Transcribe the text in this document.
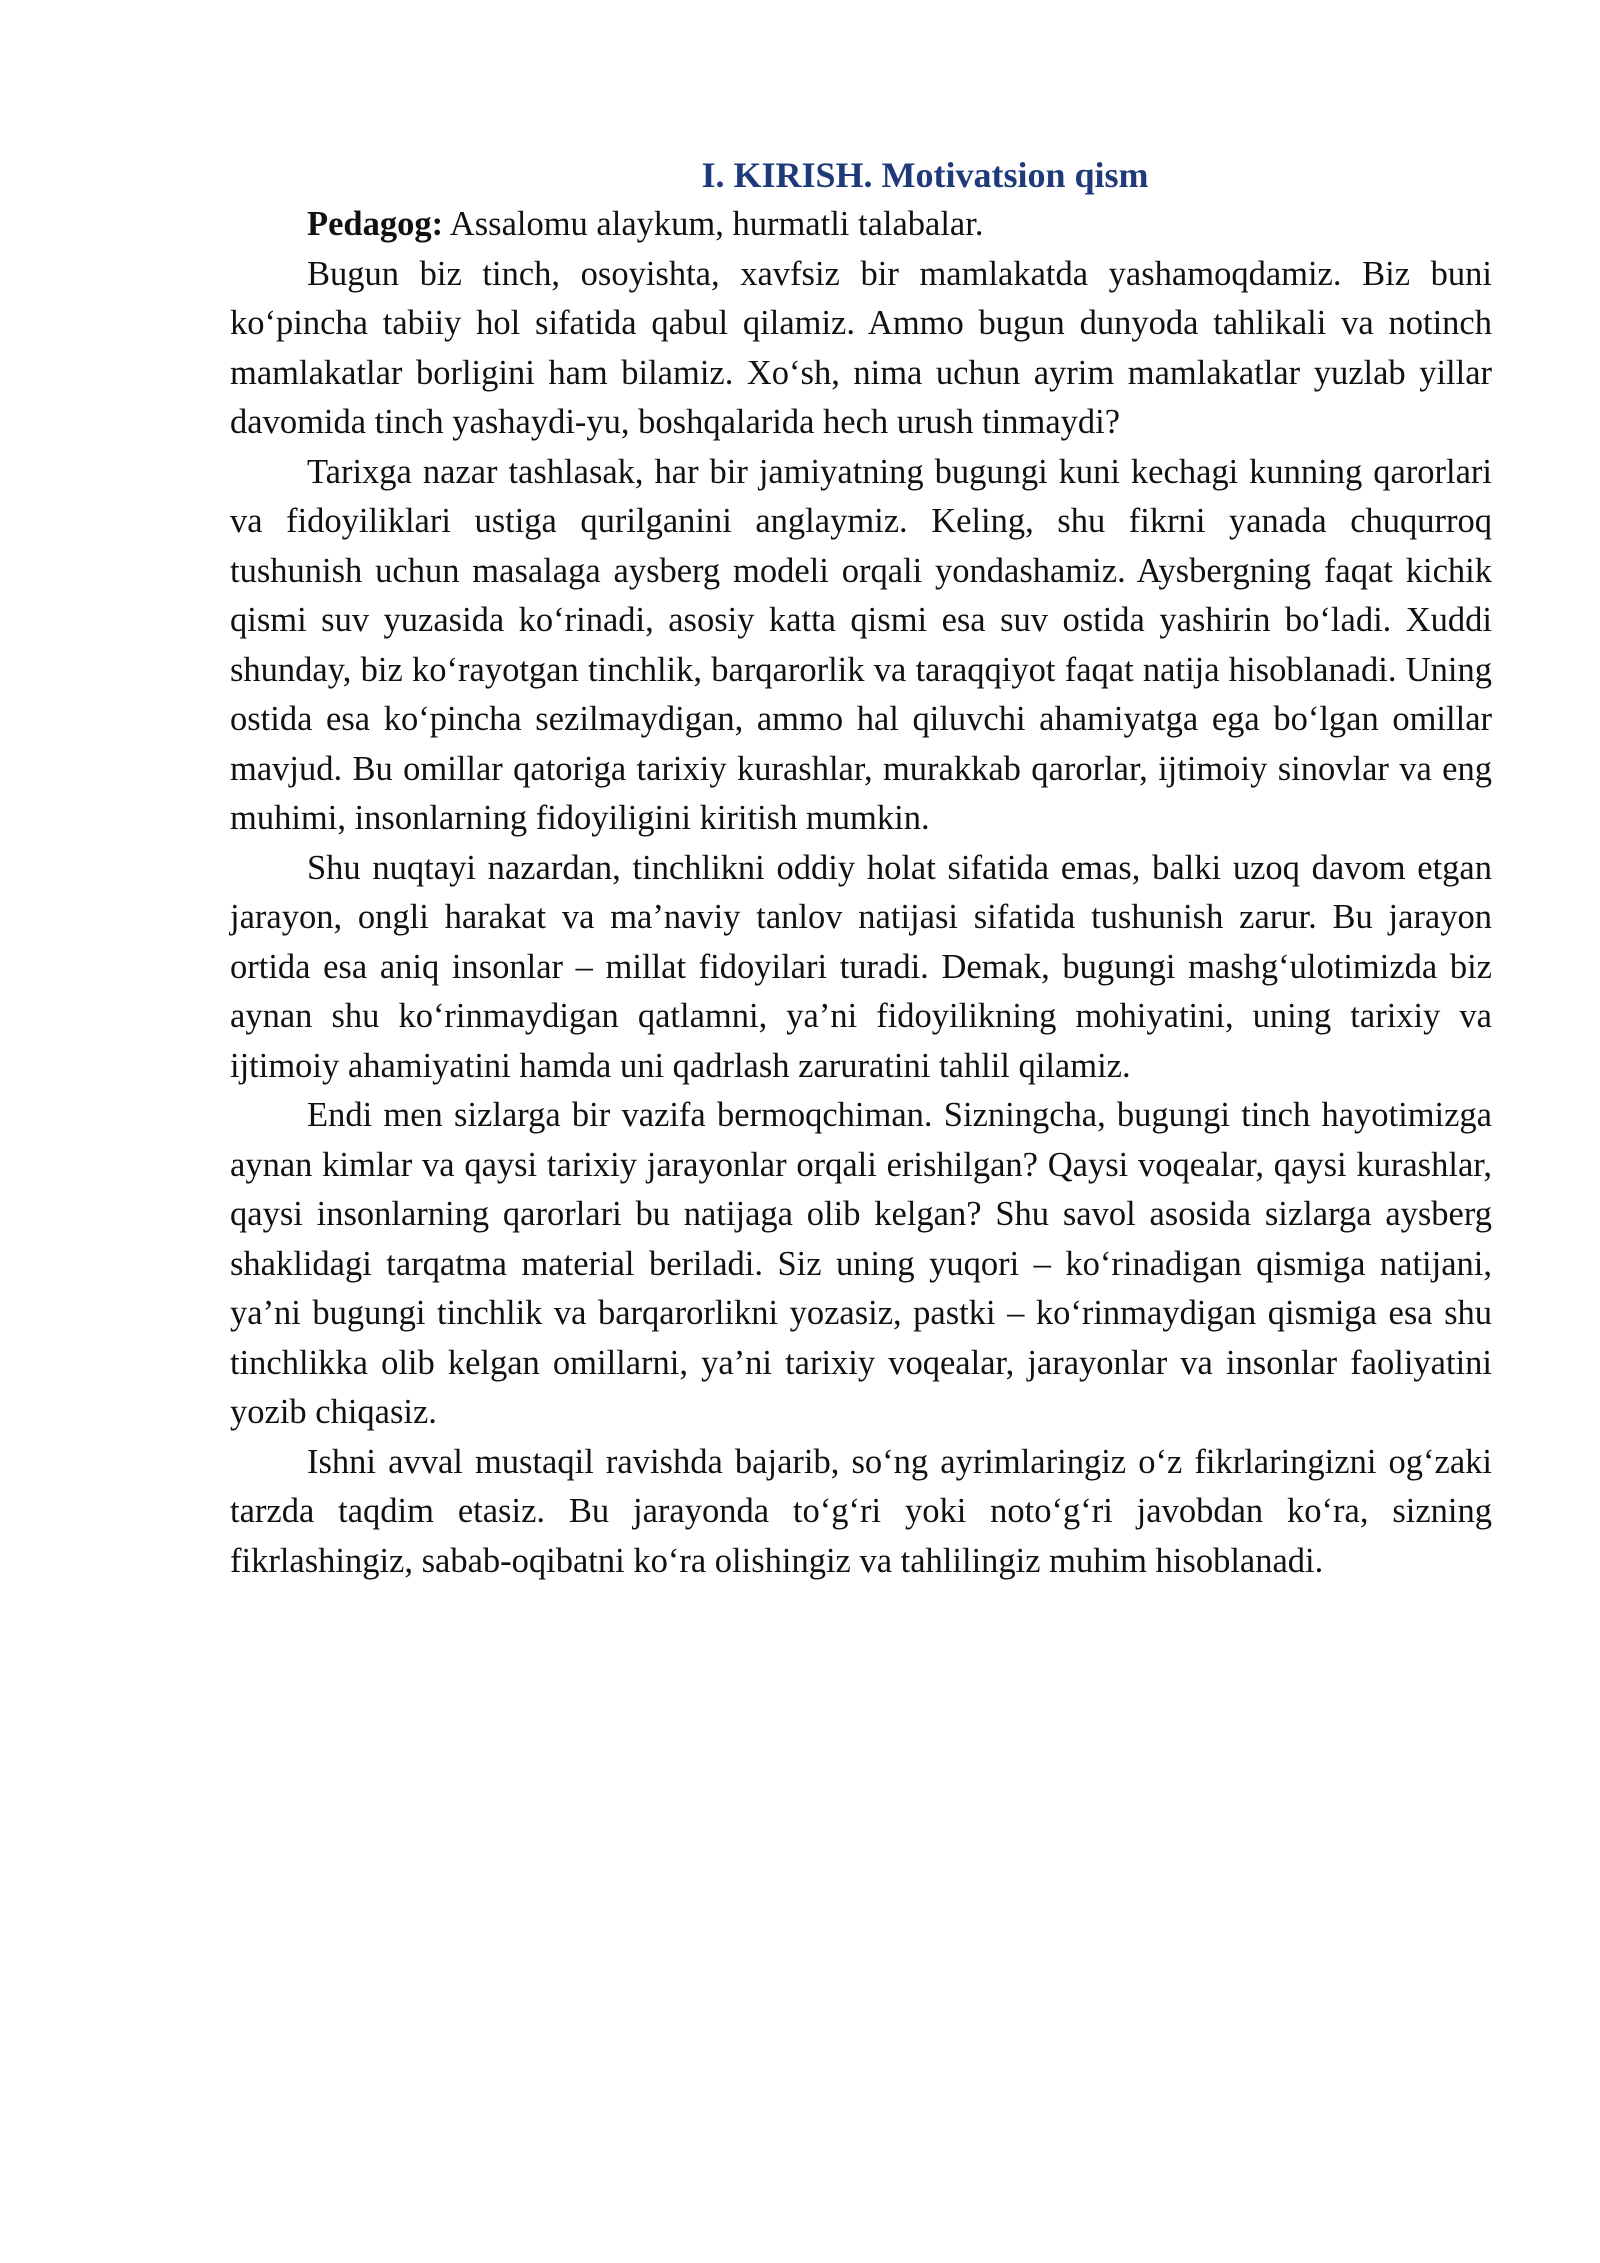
I. KIRISH. Motivatsion qism

Pedagog: Assalomu alaykum, hurmatli talabalar.

Bugun biz tinch, osoyishta, xavfsiz bir mamlakatda yashamoqdamiz. Biz buni ko‘pincha tabiiy hol sifatida qabul qilamiz. Ammo bugun dunyoda tahlikali va notinch mamlakatlar borligini ham bilamiz. Xo‘sh, nima uchun ayrim mamlakatlar yuzlab yillar davomida tinch yashaydi-yu, boshqalarida hech urush tinmaydi?

Tarixga nazar tashlasak, har bir jamiyatning bugungi kuni kechagi kunning qarorlari va fidoyiliklari ustiga qurilganini anglaymiz. Keling, shu fikrni yanada chuqurroq tushunish uchun masalaga aysberg modeli orqali yondashamiz. Aysbergning faqat kichik qismi suv yuzasida ko‘rinadi, asosiy katta qismi esa suv ostida yashirin bo‘ladi. Xuddi shunday, biz ko‘rayotgan tinchlik, barqarorlik va taraqqiyot faqat natija hisoblanadi. Uning ostida esa ko‘pincha sezilmaydigan, ammo hal qiluvchi ahamiyatga ega bo‘lgan omillar mavjud. Bu omillar qatoriga tarixiy kurashlar, murakkab qarorlar, ijtimoiy sinovlar va eng muhimi, insonlarning fidoyiligini kiritish mumkin.

Shu nuqtayi nazardan, tinchlikni oddiy holat sifatida emas, balki uzoq davom etgan jarayon, ongli harakat va ma’naviy tanlov natijasi sifatida tushunish zarur. Bu jarayon ortida esa aniq insonlar – millat fidoyilari turadi. Demak, bugungi mashg‘ulotimizda biz aynan shu ko‘rinmaydigan qatlamni, ya’ni fidoyilikning mohiyatini, uning tarixiy va ijtimoiy ahamiyatini hamda uni qadrlash zaruratini tahlil qilamiz.

Endi men sizlarga bir vazifa bermoqchiman. Sizningcha, bugungi tinch hayotimizga aynan kimlar va qaysi tarixiy jarayonlar orqali erishilgan? Qaysi voqealar, qaysi kurashlar, qaysi insonlarning qarorlari bu natijaga olib kelgan? Shu savol asosida sizlarga aysberg shaklidagi tarqatma material beriladi. Siz uning yuqori – ko‘rinadigan qismiga natijani, ya’ni bugungi tinchlik va barqarorlikni yozasiz, pastki – ko‘rinmaydigan qismiga esa shu tinchlikka olib kelgan omillarni, ya’ni tarixiy voqealar, jarayonlar va insonlar faoliyatini yozib chiqasiz.

Ishni avval mustaqil ravishda bajarib, so‘ng ayrimlaringiz o‘z fikrlaringizni og‘zaki tarzda taqdim etasiz. Bu jarayonda to‘g‘ri yoki noto‘g‘ri javobdan ko‘ra, sizning fikrlashingiz, sabab-oqibatni ko‘ra olishingiz va tahlilingiz muhim hisoblanadi.
